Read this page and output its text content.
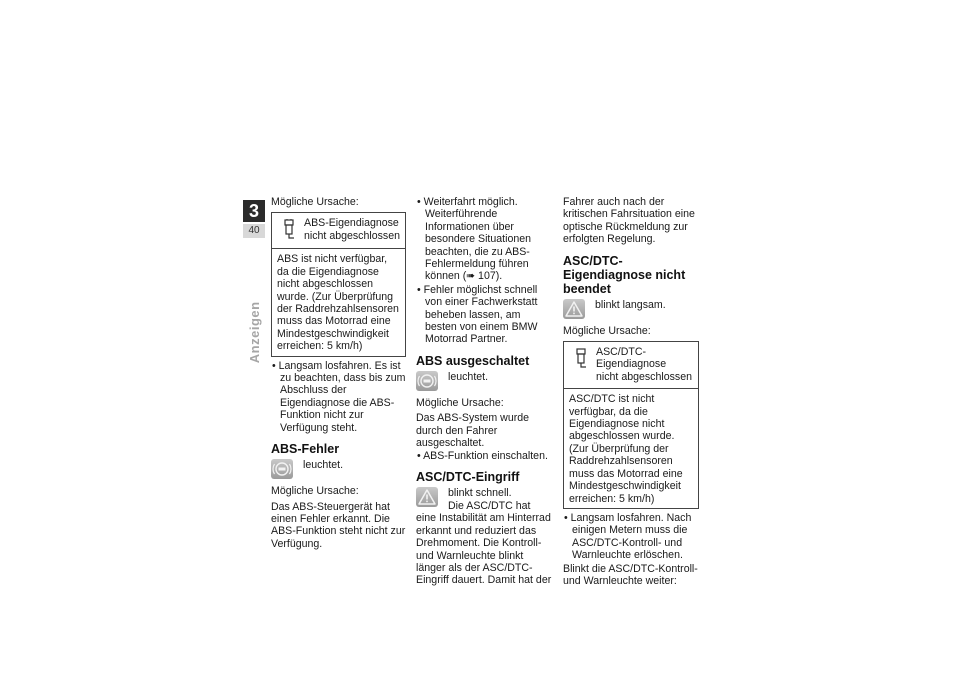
3
40
Anzeigen

Mögliche Ursache:

ABS-Eigendiagnose
nicht abgeschlossen
ABS ist nicht verfügbar, da die Eigendiagnose nicht abgeschlossen wurde. (Zur Überprüfung der Raddrehzahlsensoren muss das Motorrad eine Mindestgeschwindigkeit erreichen: 5 km/h)

• Langsam losfahren. Es ist zu beachten, dass bis zum Abschluss der Eigendiagnose die ABS-Funktion nicht zur Verfügung steht.

ABS-Fehler
leuchtet.

Mögliche Ursache:

Das ABS-Steuergerät hat einen Fehler erkannt. Die ABS-Funktion steht nicht zur Verfügung.

• Weiterfahrt möglich. Weiterführende Informationen über besondere Situationen beachten, die zu ABS-Fehlermeldung führen können (➠ 107).

• Fehler möglichst schnell von einer Fachwerkstatt beheben lassen, am besten von einem BMW Motorrad Partner.

ABS ausgeschaltet
leuchtet.

Mögliche Ursache:

Das ABS-System wurde durch den Fahrer ausgeschaltet.

• ABS-Funktion einschalten.

ASC/DTC-Eingriff
blinkt schnell.

Die ASC/DTC hat eine Instabilität am Hinterrad erkannt und reduziert das Drehmoment. Die Kontroll- und Warnleuchte blinkt länger als der ASC/DTC-Eingriff dauert. Damit hat der

Fahrer auch nach der kritischen Fahrsituation eine optische Rückmeldung zur erfolgten Regelung.

ASC/DTC-Eigendiagnose nicht beendet
blinkt langsam.

Mögliche Ursache:

ASC/DTC-Eigendiagnose
nicht abgeschlossen
ASC/DTC ist nicht verfügbar, da die Eigendiagnose nicht abgeschlossen wurde. (Zur Überprüfung der Raddrehzahlsensoren muss das Motorrad eine Mindestgeschwindigkeit erreichen: 5 km/h)

• Langsam losfahren. Nach einigen Metern muss die ASC/DTC-Kontroll- und Warnleuchte erlöschen.

Blinkt die ASC/DTC-Kontroll- und Warnleuchte weiter:
